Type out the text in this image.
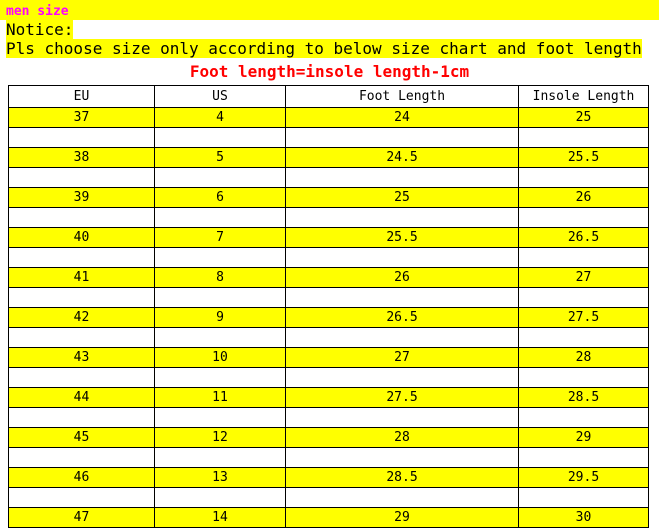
men size
Notice:
Pls choose size only according to below size chart and foot length
Foot length=insole length-1cm
EU	US	Foot Length	Insole Length
37	4	24	25

38	5	24.5	25.5

39	6	25	26

40	7	25.5	26.5

41	8	26	27

42	9	26.5	27.5

43	10	27	28

44	11	27.5	28.5

45	12	28	29

46	13	28.5	29.5

47	14	29	30
